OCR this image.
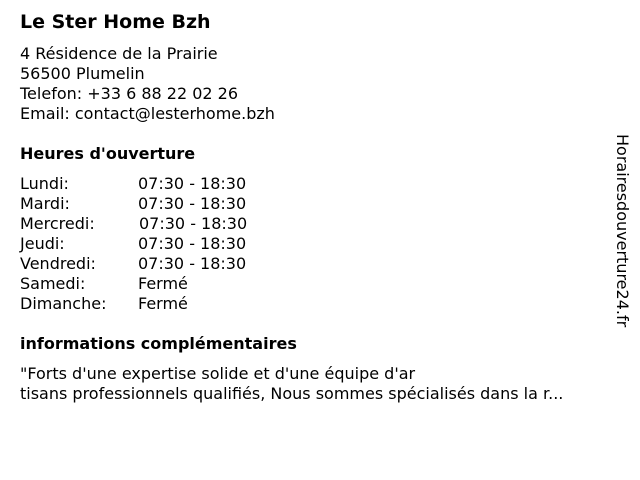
Le Ster Home Bzh
4 Résidence de la Prairie
56500 Plumelin
Telefon: +33 6 88 22 02 26
Email: contact@lesterhome.bzh
Heures d'ouverture
Lundi:	07:30 - 18:30
Mardi:	07:30 - 18:30
Mercredi:	07:30 - 18:30
Jeudi:	07:30 - 18:30
Vendredi:	07:30 - 18:30
Samedi:	Fermé
Dimanche: Fermé
informations complémentaires
"Forts d'une expertise solide et d'une équipe d'ar
tisans professionnels qualifiés, Nous sommes spécialisés dans la r...
Horairesdouverture24.fr
